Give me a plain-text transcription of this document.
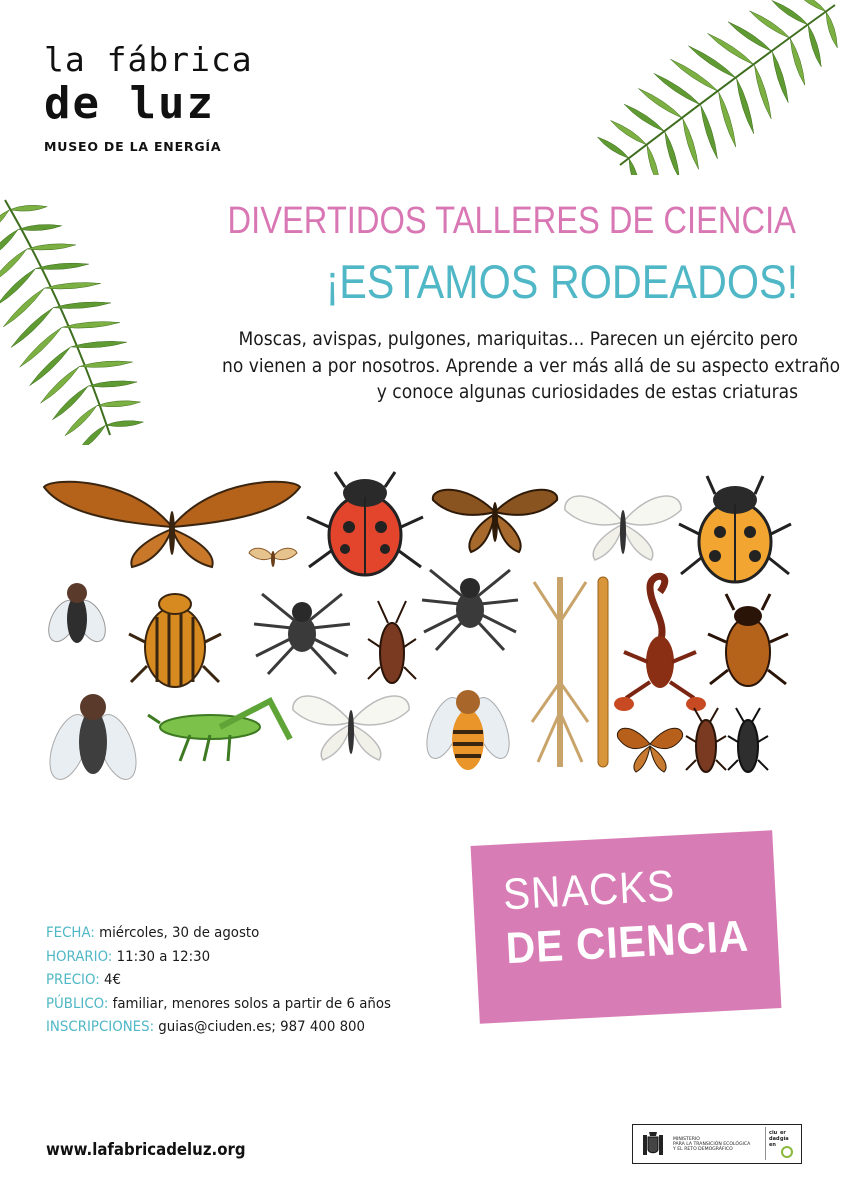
la fábrica
de luz
MUSEO DE LA ENERGÍA
DIVERTIDOS TALLERES DE CIENCIA
¡ESTAMOS RODEADOS!
Moscas, avispas, pulgones, mariquitas... Parecen un ejército pero
no vienen a por nosotros. Aprende a ver más allá de su aspecto extraño
y conoce algunas curiosidades de estas criaturas
SNACKS
DE CIENCIA
FECHA: miércoles, 30 de agosto
HORARIO: 11:30 a 12:30
PRECIO: 4€
PÚBLICO: familiar, menores solos a partir de 6 años
INSCRIPCIONES: guias@ciuden.es; 987 400 800
www.lafabricadeluz.org
MINISTERIO
PARA LA TRANSICIÓN ECOLÓGICA
Y EL RETO DEMOGRÁFICO
ciu
dad
en
er
gía
